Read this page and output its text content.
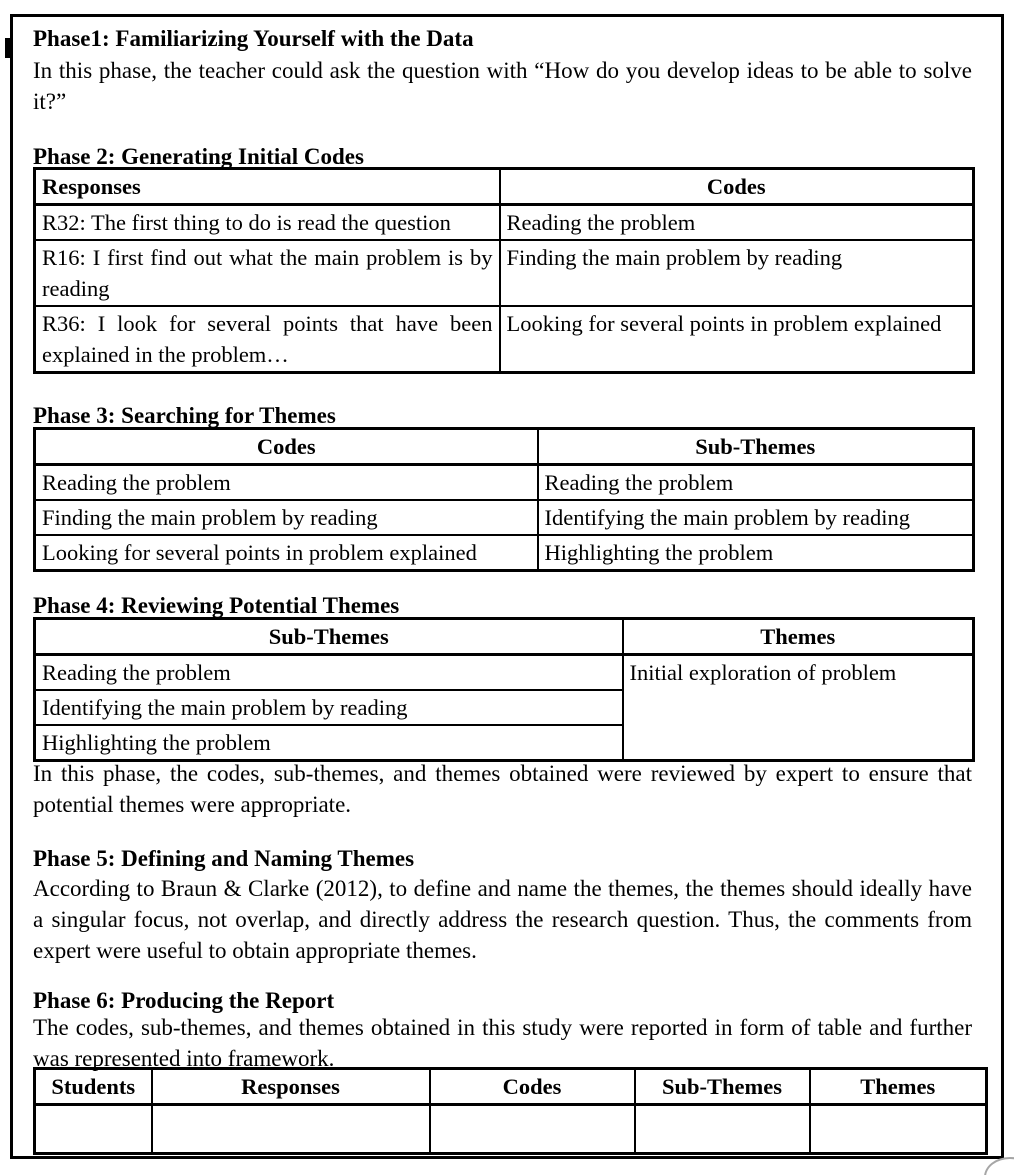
Phase1: Familiarizing Yourself with the Data
In this phase, the teacher could ask the question with “How do you develop ideas to be able to solve it?”
Phase 2: Generating Initial Codes
Responses	Codes
R32: The first thing to do is read the question	Reading the problem
R16: I first find out what the main problem is by reading	Finding the main problem by reading
R36: I look for several points that have been explained in the problem…	Looking for several points in problem explained
Phase 3: Searching for Themes
Codes	Sub-Themes
Reading the problem	Reading the problem
Finding the main problem by reading	Identifying the main problem by reading
Looking for several points in problem explained	Highlighting the problem
Phase 4: Reviewing Potential Themes
Sub-Themes	Themes
Reading the problem	Initial exploration of problem
Identifying the main problem by reading	
Highlighting the problem	
In this phase, the codes, sub-themes, and themes obtained were reviewed by expert to ensure that potential themes were appropriate.
Phase 5: Defining and Naming Themes
According to Braun & Clarke (2012), to define and name the themes, the themes should ideally have a singular focus, not overlap, and directly address the research question. Thus, the comments from expert were useful to obtain appropriate themes.
Phase 6: Producing the Report
The codes, sub-themes, and themes obtained in this study were reported in form of table and further was represented into framework.
Students	Responses	Codes	Sub-Themes	Themes
